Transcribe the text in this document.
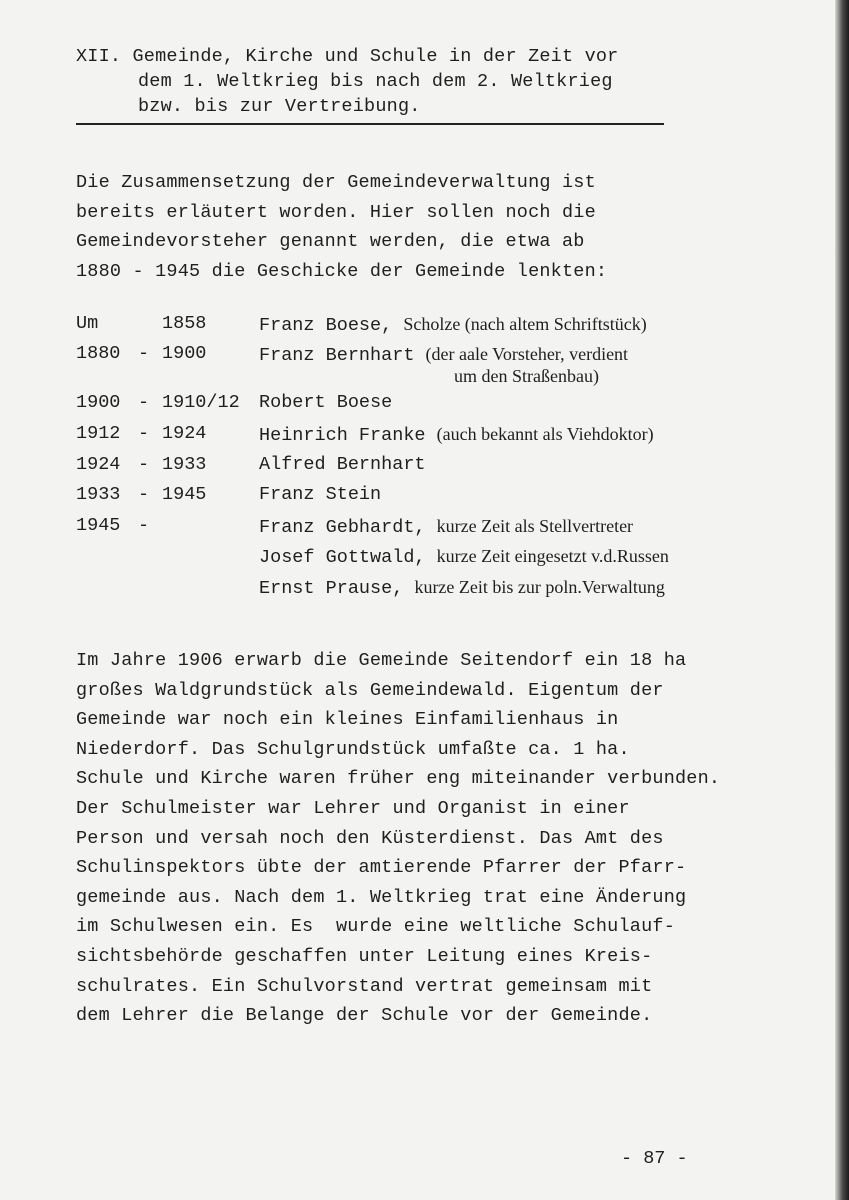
XII. Gemeinde, Kirche und Schule in der Zeit vor
dem 1. Weltkrieg bis nach dem 2. Weltkrieg
bzw. bis zur Vertreibung.
Die Zusammensetzung der Gemeindeverwaltung ist
bereits erläutert worden. Hier sollen noch die
Gemeindevorsteher genannt werden, die etwa ab
1880 - 1945 die Geschicke der Gemeinde lenkten:
Um	1858	Franz Boese, Scholze (nach altem Schriftstück)
1880 - 1900	Franz Bernhart (der aale Vorsteher, verdient
um den Straßenbau)
1900 - 1910/12 Robert Boese
1912 - 1924	Heinrich Franke (auch bekannt als Viehdoktor)
1924 - 1933	Alfred Bernhart
1933 - 1945	Franz Stein
1945 -	Franz Gebhardt, kurze Zeit als Stellvertreter
Josef Gottwald, kurze Zeit eingesetzt v.d.Russen
Ernst Prause, kurze Zeit bis zur poln.Verwaltung
Im Jahre 1906 erwarb die Gemeinde Seitendorf ein 18 ha
großes Waldgrundstück als Gemeindewald. Eigentum der
Gemeinde war noch ein kleines Einfamilienhaus in
Niederdorf. Das Schulgrundstück umfaßte ca. 1 ha.
Schule und Kirche waren früher eng miteinander verbunden.
Der Schulmeister war Lehrer und Organist in einer
Person und versah noch den Küsterdienst. Das Amt des
Schulinspektors übte der amtierende Pfarrer der Pfarr-
gemeinde aus. Nach dem 1. Weltkrieg trat eine Änderung
im Schulwesen ein. Es  wurde eine weltliche Schulauf-
sichtsbehörde geschaffen unter Leitung eines Kreis-
schulrates. Ein Schulvorstand vertrat gemeinsam mit
dem Lehrer die Belange der Schule vor der Gemeinde.
- 87 -
